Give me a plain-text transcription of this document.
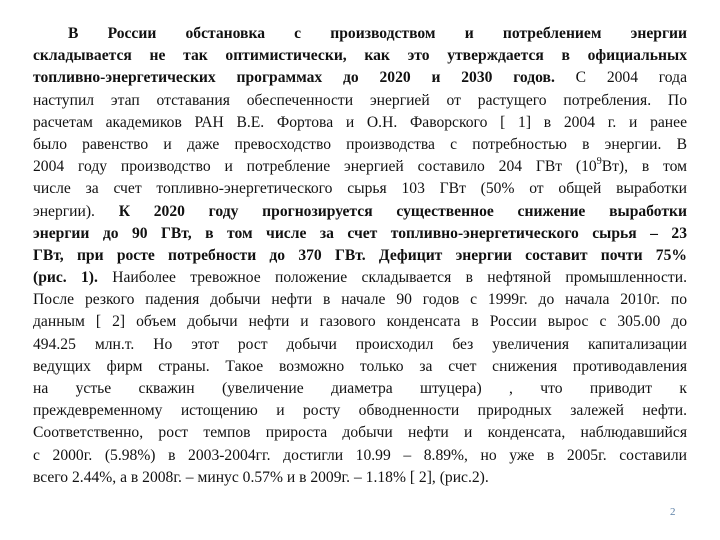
В России обстановка с производством и потреблением энергии
складывается не так оптимистически, как это утверждается в официальных
топливно-энергетических программах до 2020 и 2030 годов. С 2004 года
наступил этап отставания обеспеченности энергией от растущего потребления. По
расчетам академиков РАН В.Е. Фортова и О.Н. Фаворского [ 1] в 2004 г. и ранее
было равенство и даже превосходство производства с потребностью в энергии. В
2004 году производство и потребление энергией составило 204 ГВт $(10^9Вт)$, в том
числе за счет топливно-энергетического сырья 103 ГВт (50% от общей выработки
энергии). К 2020 году прогнозируется существенное снижение выработки
энергии до 90 ГВт, в том числе за счет топливно-энергетического сырья – 23
ГВт, при росте потребности до 370 ГВт. Дефицит энергии составит почти 75%
(рис. 1). Наиболее тревожное положение складывается в нефтяной промышленности.
После резкого падения добычи нефти в начале 90 годов с 1999г. до начала 2010г. по
данным [ 2] объем добычи нефти и газового конденсата в России вырос с 305.00 до
494.25 млн.т. Но этот рост добычи происходил без увеличения капитализации
ведущих фирм страны. Такое возможно только за счет снижения противодавления
на устье скважин (увеличение диаметра штуцера) , что приводит к
преждевременному истощению и росту обводненности природных залежей нефти.
Соответственно, рост темпов прироста добычи нефти и конденсата, наблюдавшийся
с 2000г. (5.98%) в 2003-2004гг. достигли 10.99 – 8.89%, но уже в 2005г. составили
всего 2.44%, а в 2008г. – минус 0.57% и в 2009г. – 1.18% [ 2], (рис.2).
2
